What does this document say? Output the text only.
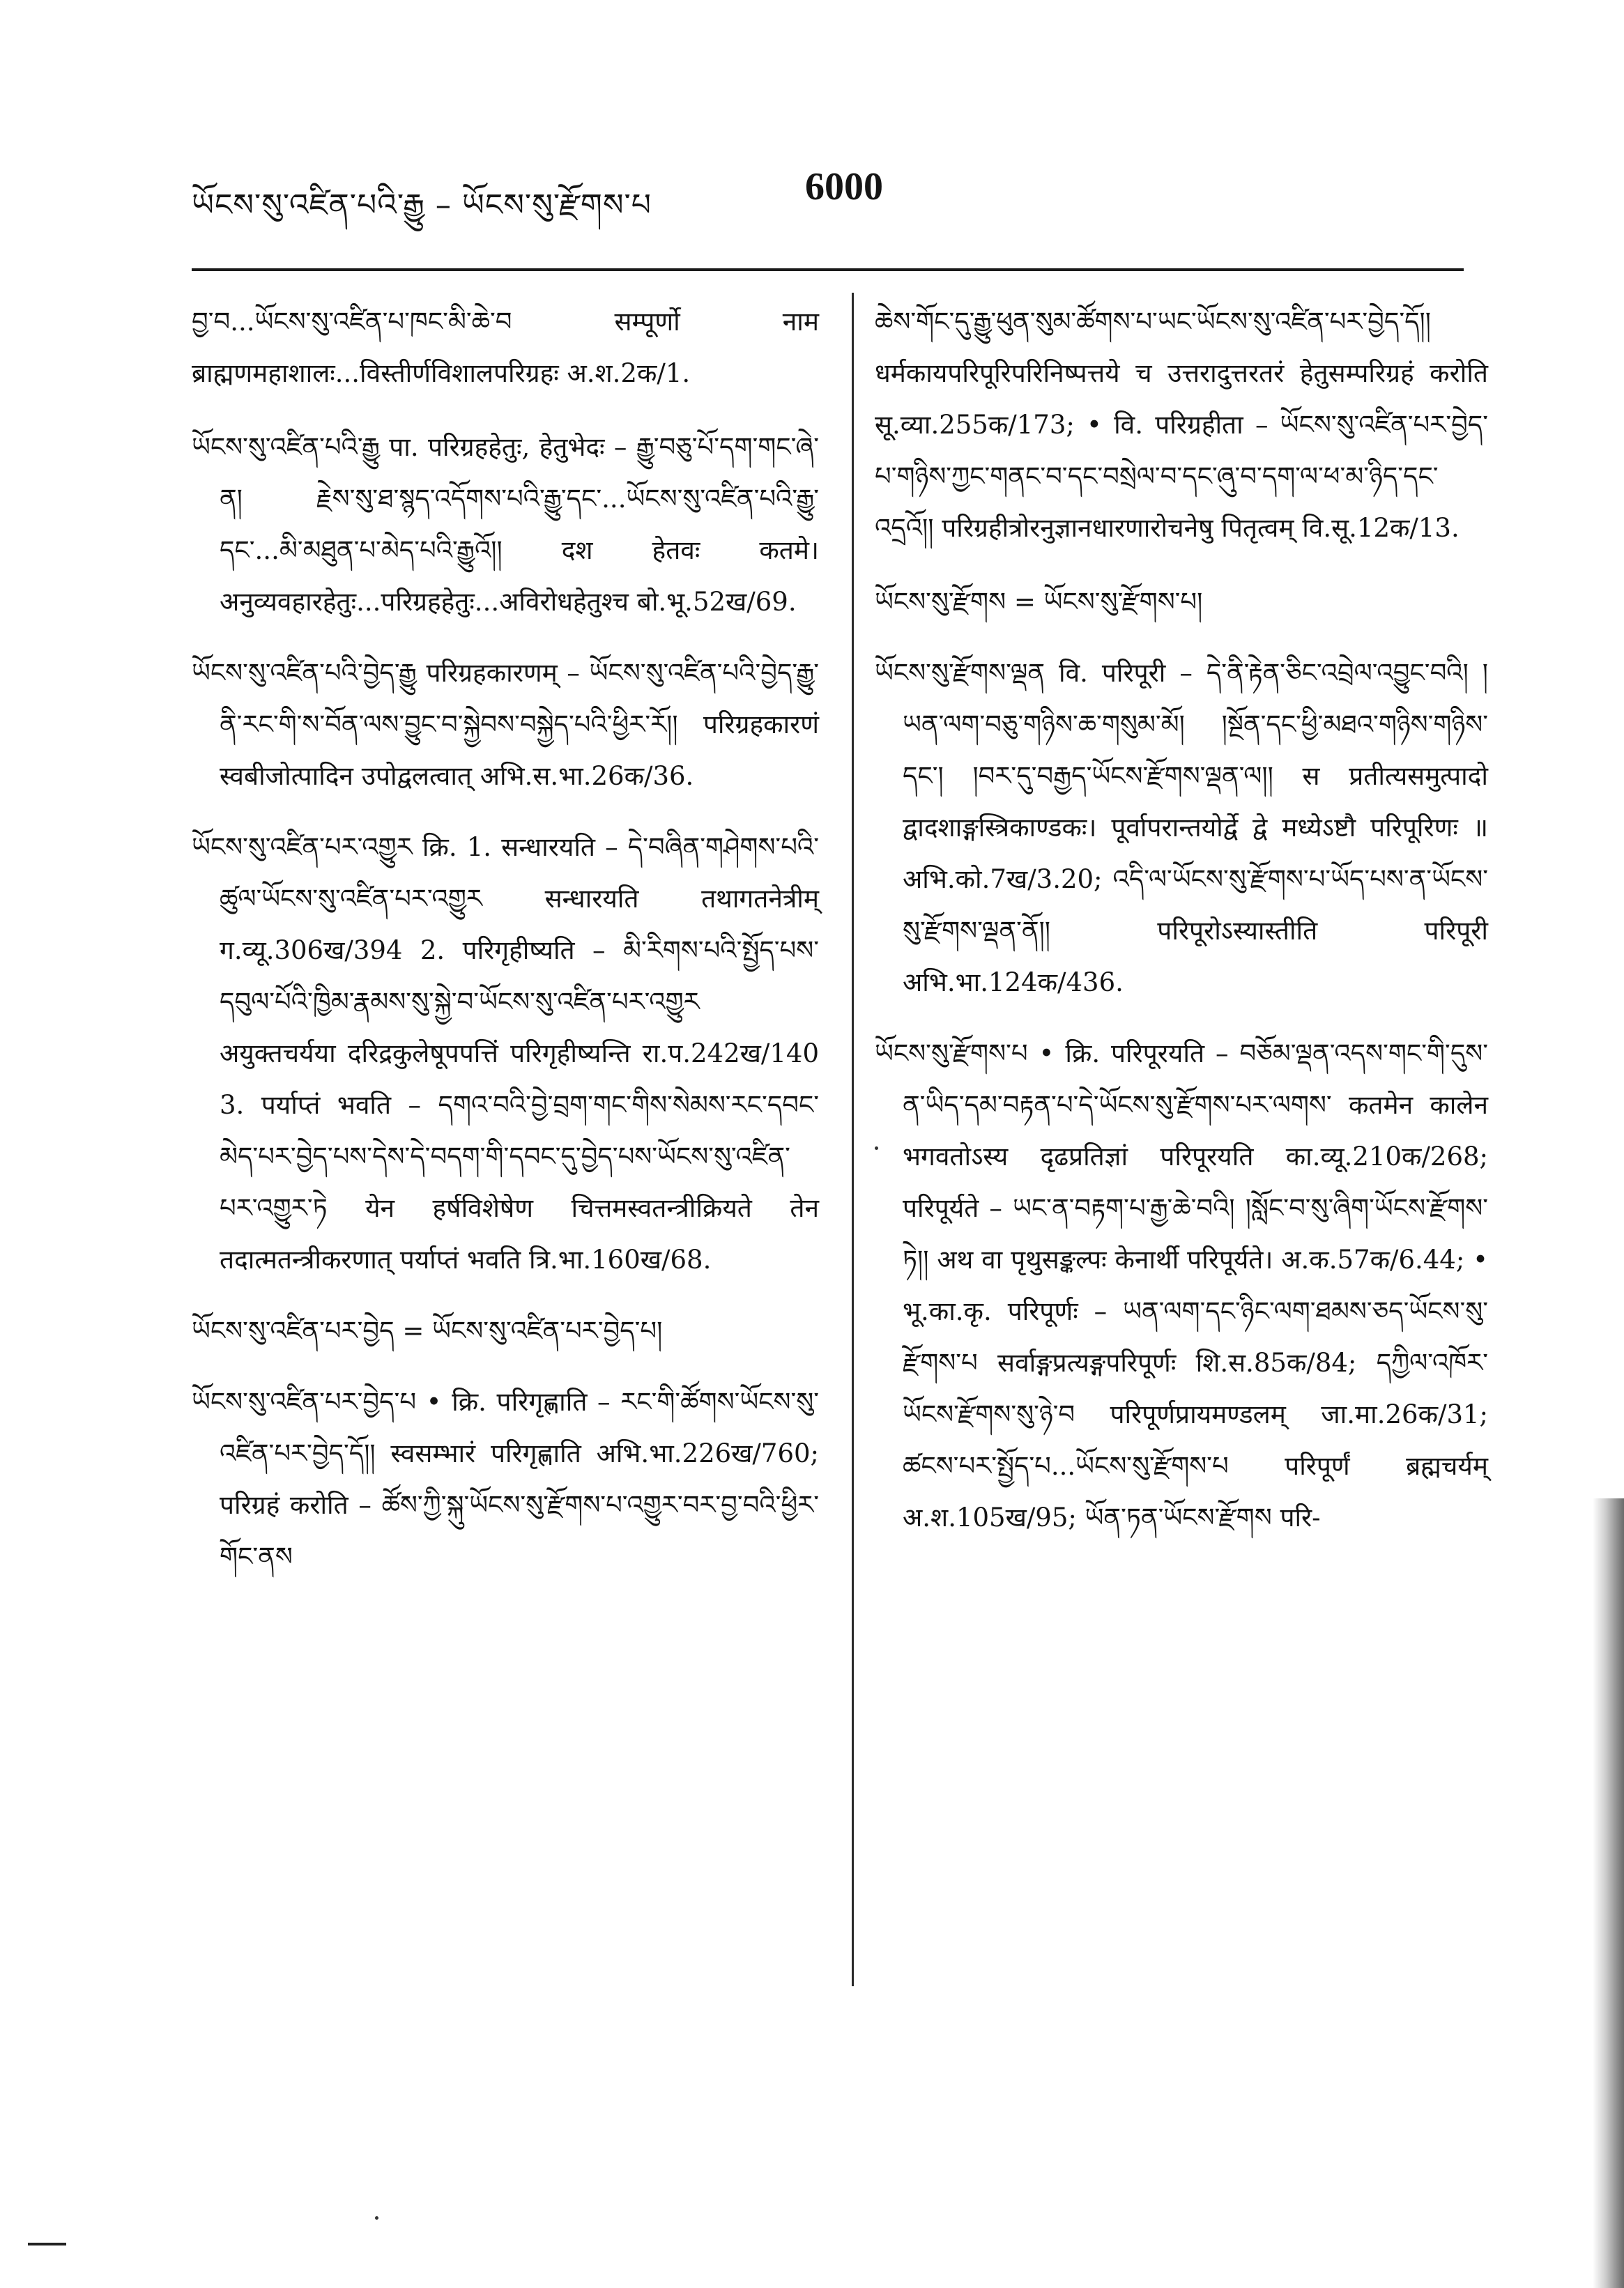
ཡོངས་སུ་འཛིན་པའི་རྒྱུ – ཡོངས་སུ་རྫོགས་པ	6000

བྱ་བ...ཡོངས་སུ་འཛིན་པ་ཁང་མི་ཆེ་བ सम्पूर्णो नाम ब्राह्मणमहाशालः...विस्तीर्णविशालपरिग्रहः अ.श.2क/1.

ཡོངས་སུ་འཛིན་པའི་རྒྱུ पा. परिग्रहहेतुः, हेतुभेदः – རྒྱུ་བཅུ་པོ་དག་གང་ཞེ་ན། རྗེས་སུ་ཐ་སྙད་འདོགས་པའི་རྒྱུ་དང་...ཡོངས་སུ་འཛིན་པའི་རྒྱུ་དང་...མི་མཐུན་པ་མེད་པའི་རྒྱུའོ།། दश हेतवः कतमे। अनुव्यवहारहेतुः...परिग्रहहेतुः...अविरोधहेतुश्च बो.भू.52ख/69.

ཡོངས་སུ་འཛིན་པའི་བྱེད་རྒྱུ परिग्रहकारणम् – ཡོངས་སུ་འཛིན་པའི་བྱེད་རྒྱུ་ནི་རང་གི་ས་བོན་ལས་བྱུང་བ་སྐྱེབས་བསྐྱེད་པའི་ཕྱིར་རོ།། परिग्रहकारणं स्वबीजोत्पादिन उपोद्वलत्वात् अभि.स.भा.26क/36.

ཡོངས་སུ་འཛིན་པར་འགྱུར क्रि. 1. सन्धारयति – དེ་བཞིན་གཤེགས་པའི་ཚུལ་ཡོངས་སུ་འཛིན་པར་འགྱུར सन्धारयति तथागतनेत्रीम् ग.व्यू.306ख/394 2. परिगृहीष्यति – མི་རིགས་པའི་སྤྱོད་པས་དབུལ་པོའི་ཁྱིམ་རྣམས་སུ་སྐྱེ་བ་ཡོངས་སུ་འཛིན་པར་འགྱུར अयुक्तचर्यया दरिद्रकुलेषूपपत्तिं परिगृहीष्यन्ति रा.प.242ख/140 3. पर्याप्तं भवति – དགའ་བའི་བྱེ་བྲག་གང་གིས་སེམས་རང་དབང་མེད་པར་བྱེད་པས་དེས་དེ་བདག་གི་དབང་དུ་བྱེད་པས་ཡོངས་སུ་འཛིན་པར་འགྱུར་ཏེ येन हर्षविशेषेण चित्तमस्वतन्त्रीक्रियते तेन तदात्मतन्त्रीकरणात् पर्याप्तं भवति त्रि.भा.160ख/68.

ཡོངས་སུ་འཛིན་པར་བྱེད = ཡོངས་སུ་འཛིན་པར་བྱེད་པ།

ཡོངས་སུ་འཛིན་པར་བྱེད་པ • क्रि. परिगृह्णाति – རང་གི་ཚོགས་ཡོངས་སུ་འཛིན་པར་བྱེད་དོ།། स्वसम्भारं परिगृह्णाति अभि.भा.226ख/760; परिग्रहं करोति – ཚོས་ཀྱི་སྐུ་ཡོངས་སུ་རྫོགས་པ་འགྱུར་བར་བྱ་བའི་ཕྱིར་གོང་ནས

ཆེས་གོང་དུ་རྒྱུ་ཕུན་སུམ་ཚོགས་པ་ཡང་ཡོངས་སུ་འཛིན་པར་བྱེད་དོ།། धर्मकायपरिपूरिपरिनिष्पत्तये च उत्तरादुत्तरतरं हेतुसम्परिग्रहं करोति सू.व्या.255क/173; • वि. परिग्रहीता – ཡོངས་སུ་འཛིན་པར་བྱེད་པ་གཉིས་ཀྱང་གནང་བ་དང་བསྲེལ་བ་དང་ཞུ་བ་དག་ལ་ཕ་མ་ཉིད་དང་འདྲའོ།། परिग्रहीत्रोरनुज्ञानधारणारोचनेषु पितृत्वम् वि.सू.12क/13.

ཡོངས་སུ་རྫོགས = ཡོངས་སུ་རྫོགས་པ།

ཡོངས་སུ་རྫོགས་ལྡན वि. परिपूरी – དེ་ནི་རྟེན་ཅིང་འབྲེལ་འབྱུང་བའི། །ཡན་ལག་བཅུ་གཉིས་ཆ་གསུམ་མོ། །སྔོན་དང་ཕྱི་མཐའ་གཉིས་གཉིས་དང་། །བར་དུ་བརྒྱད་ཡོངས་རྫོགས་ལྡན་ལ།། स प्रतीत्यसमुत्पादो द्वादशाङ्गस्त्रिकाण्डकः। पूर्वापरान्तयोर्द्वे द्वे मध्येऽष्टौ परिपूरिणः ॥ अभि.को.7ख/3.20; འདི་ལ་ཡོངས་སུ་རྫོགས་པ་ཡོད་པས་ན་ཡོངས་སུ་རྫོགས་ལྡན་ནོ།། परिपूरोऽस्यास्तीति परिपूरी अभि.भा.124क/436.

ཡོངས་སུ་རྫོགས་པ • क्रि. परिपूरयति – བཅོམ་ལྡན་འདས་གང་གི་དུས་ན་ཡིད་དམ་བརྟན་པ་དེ་ཡོངས་སུ་རྫོགས་པར་ལགས་ कतमेन कालेन भगवतोऽस्य दृढप्रतिज्ञां परिपूरयति का.व्यू.210क/268; परिपूर्यते – ཡང་ན་བརྟག་པ་རྒྱ་ཆེ་བའི། །སློང་བ་སུ་ཞིག་ཡོངས་རྫོགས་ཏེ།། अथ वा पृथुसङ्कल्पः केनार्थी परिपूर्यते। अ.क.57क/6.44; • भू.का.कृ. परिपूर्णः – ཡན་ལག་དང་ཉིང་ལག་ཐམས་ཅད་ཡོངས་སུ་རྫོགས་པ सर्वाङ्गप्रत्यङ्गपरिपूर्णः शि.स.85क/84; དཀྱིལ་འཁོར་ཡོངས་རྫོགས་སུ་ཉེ་བ परिपूर्णप्रायमण्डलम् जा.मा.26क/31; ཚངས་པར་སྤྱོད་པ...ཡོངས་སུ་རྫོགས་པ परिपूर्णं ब्रह्मचर्यम् अ.श.105ख/95; ཡོན་ཏན་ཡོངས་རྫོགས परि-
